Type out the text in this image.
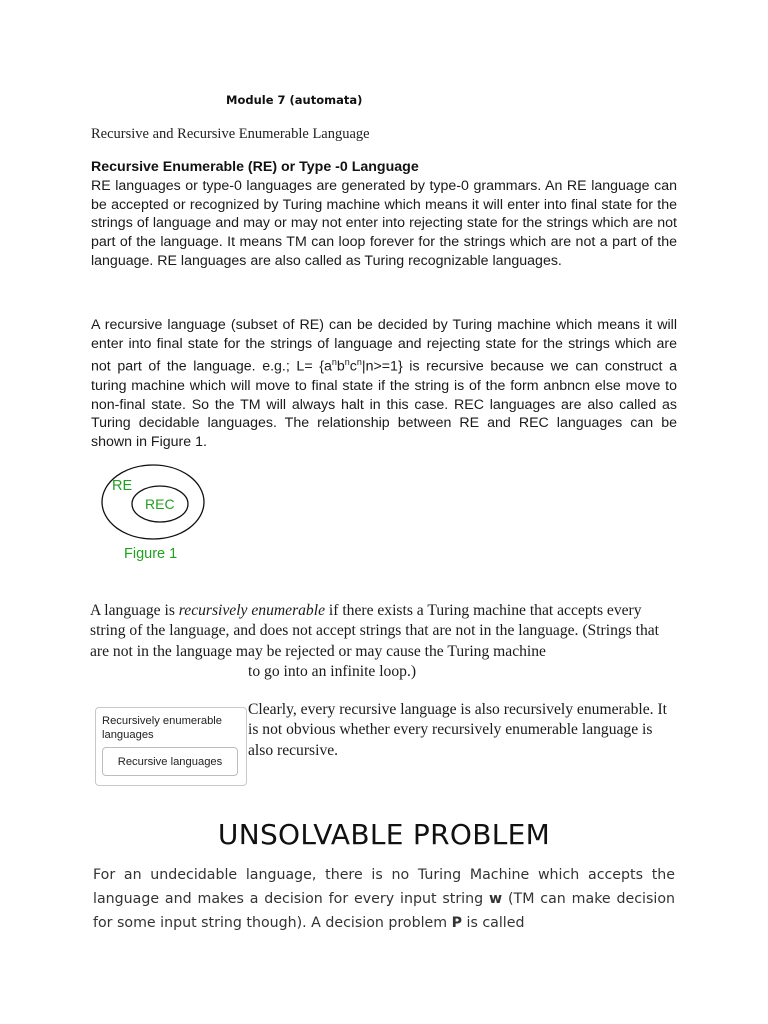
Module 7 (automata)
Recursive and Recursive Enumerable Language
Recursive Enumerable (RE) or Type -0 Language

RE languages or type-0 languages are generated by type-0 grammars. An RE language can be accepted or recognized by Turing machine which means it will enter into final state for the strings of language and may or may not enter into rejecting state for the strings which are not part of the language. It means TM can loop forever for the strings which are not a part of the language. RE languages are also called as Turing recognizable languages.

A recursive language (subset of RE) can be decided by Turing machine which means it will enter into final state for the strings of language and rejecting state for the strings which are not part of the language. e.g.; $L= \{a^nb^nc^n|n>=1\}$ is recursive because we can construct a turing machine which will move to final state if the string is of the form anbncn else move to non-final state. So the TM will always halt in this case. REC languages are also called as Turing decidable languages. The relationship between RE and REC languages can be shown in Figure 1.

RE
REC
Figure 1

A language is recursively enumerable if there exists a Turing machine that accepts every string of the language, and does not accept strings that are not in the language. (Strings that are not in the language may be rejected or may cause the Turing machine
to go into an infinite loop.)

Recursively enumerable languages
Recursive languages

Clearly, every recursive language is also recursively enumerable. It is not obvious whether every recursively enumerable language is also recursive.

UNSOLVABLE PROBLEM

For an undecidable language, there is no Turing Machine which accepts the language and makes a decision for every input string w (TM can make decision for some input string though). A decision problem P is called
